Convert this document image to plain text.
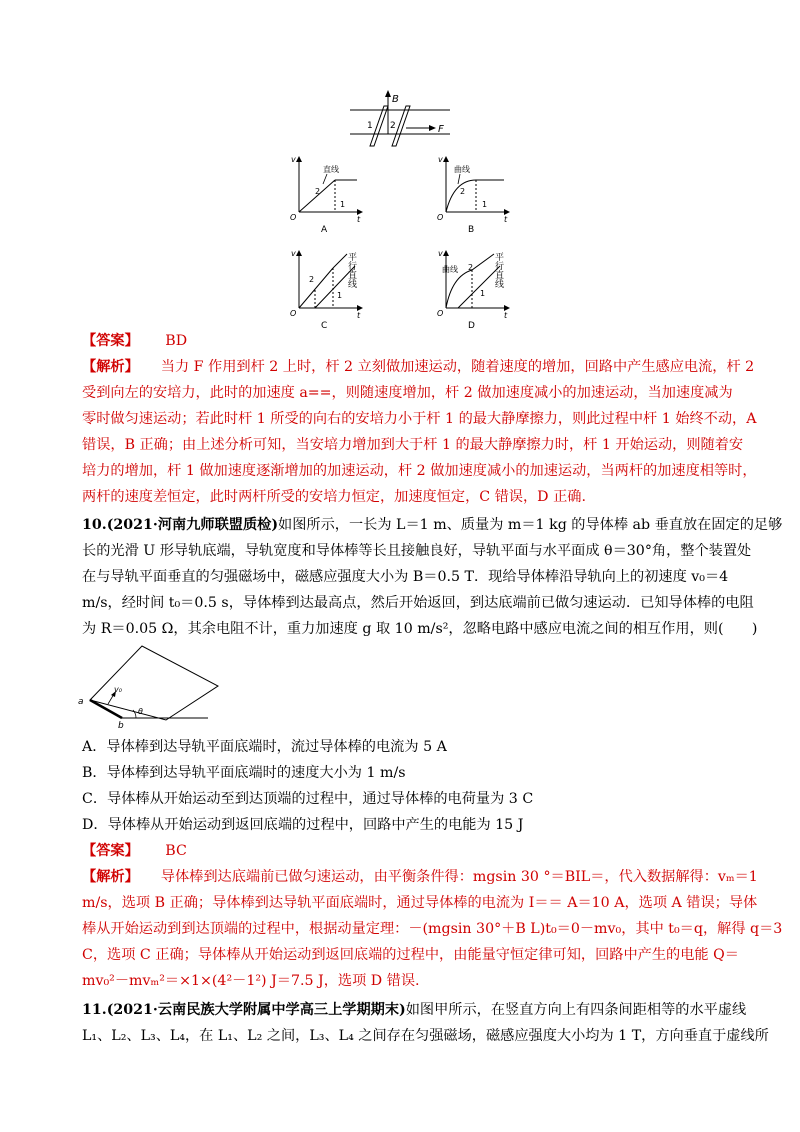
B
1 2	F
v
t
O
直线
2
1
A
v
t
O
曲线
2
1
B
v
t
O
2
1
平行直线
C
v
t
O
曲线 2
1
平行直线
D
【答案】 BD
【解析】 当力 F 作用到杆 2 上时，杆 2 立刻做加速运动，随着速度的增加，回路中产生感应电流，杆 2
受到向左的安培力，此时的加速度 a==，则随速度增加，杆 2 做加速度减小的加速运动，当加速度减为
零时做匀速运动；若此时杆 1 所受的向右的安培力小于杆 1 的最大静摩擦力，则此过程中杆 1 始终不动，A
错误，B 正确；由上述分析可知，当安培力增加到大于杆 1 的最大静摩擦力时，杆 1 开始运动，则随着安
培力的增加，杆 1 做加速度逐渐增加的加速运动，杆 2 做加速度减小的加速运动，当两杆的加速度相等时，
两杆的速度差恒定，此时两杆所受的安培力恒定，加速度恒定，C 错误，D 正确.
10.(2021·河南九师联盟质检)如图所示，一长为 L＝1 m、质量为 m＝1 kg 的导体棒 ab 垂直放在固定的足够
长的光滑 U 形导轨底端，导轨宽度和导体棒等长且接触良好，导轨平面与水平面成 θ＝30°角，整个装置处
在与导轨平面垂直的匀强磁场中，磁感应强度大小为 B＝0.5 T．现给导体棒沿导轨向上的初速度 v₀＝4
m/s，经时间 t₀＝0.5 s，导体棒到达最高点，然后开始返回，到达底端前已做匀速运动．已知导体棒的电阻
为 R＝0.05 Ω，其余电阻不计，重力加速度 g 取 10 m/s²，忽略电路中感应电流之间的相互作用，则(　　)
a
b
v₀
θ
A．导体棒到达导轨平面底端时，流过导体棒的电流为 5 A
B．导体棒到达导轨平面底端时的速度大小为 1 m/s
C．导体棒从开始运动至到达顶端的过程中，通过导体棒的电荷量为 3 C
D．导体棒从开始运动到返回底端的过程中，回路中产生的电能为 15 J
【答案】 BC
【解析】 导体棒到达底端前已做匀速运动，由平衡条件得：mgsin 30 °＝BIL＝，代入数据解得：vₘ＝1
m/s，选项 B 正确；导体棒到达导轨平面底端时，通过导体棒的电流为 I＝＝ A＝10 A，选项 A 错误；导体
棒从开始运动到到达顶端的过程中，根据动量定理：－(mgsin 30°＋B L)t₀＝0－mv₀，其中 t₀＝q，解得 q＝3
C，选项 C 正确；导体棒从开始运动到返回底端的过程中，由能量守恒定律可知，回路中产生的电能 Q＝
mv₀²－mvₘ²＝×1×(4²－1²) J＝7.5 J，选项 D 错误.
11.(2021·云南民族大学附属中学高三上学期期末)如图甲所示，在竖直方向上有四条间距相等的水平虚线
L₁、L₂、L₃、L₄，在 L₁、L₂ 之间，L₃、L₄ 之间存在匀强磁场，磁感应强度大小均为 1 T，方向垂直于虚线所
